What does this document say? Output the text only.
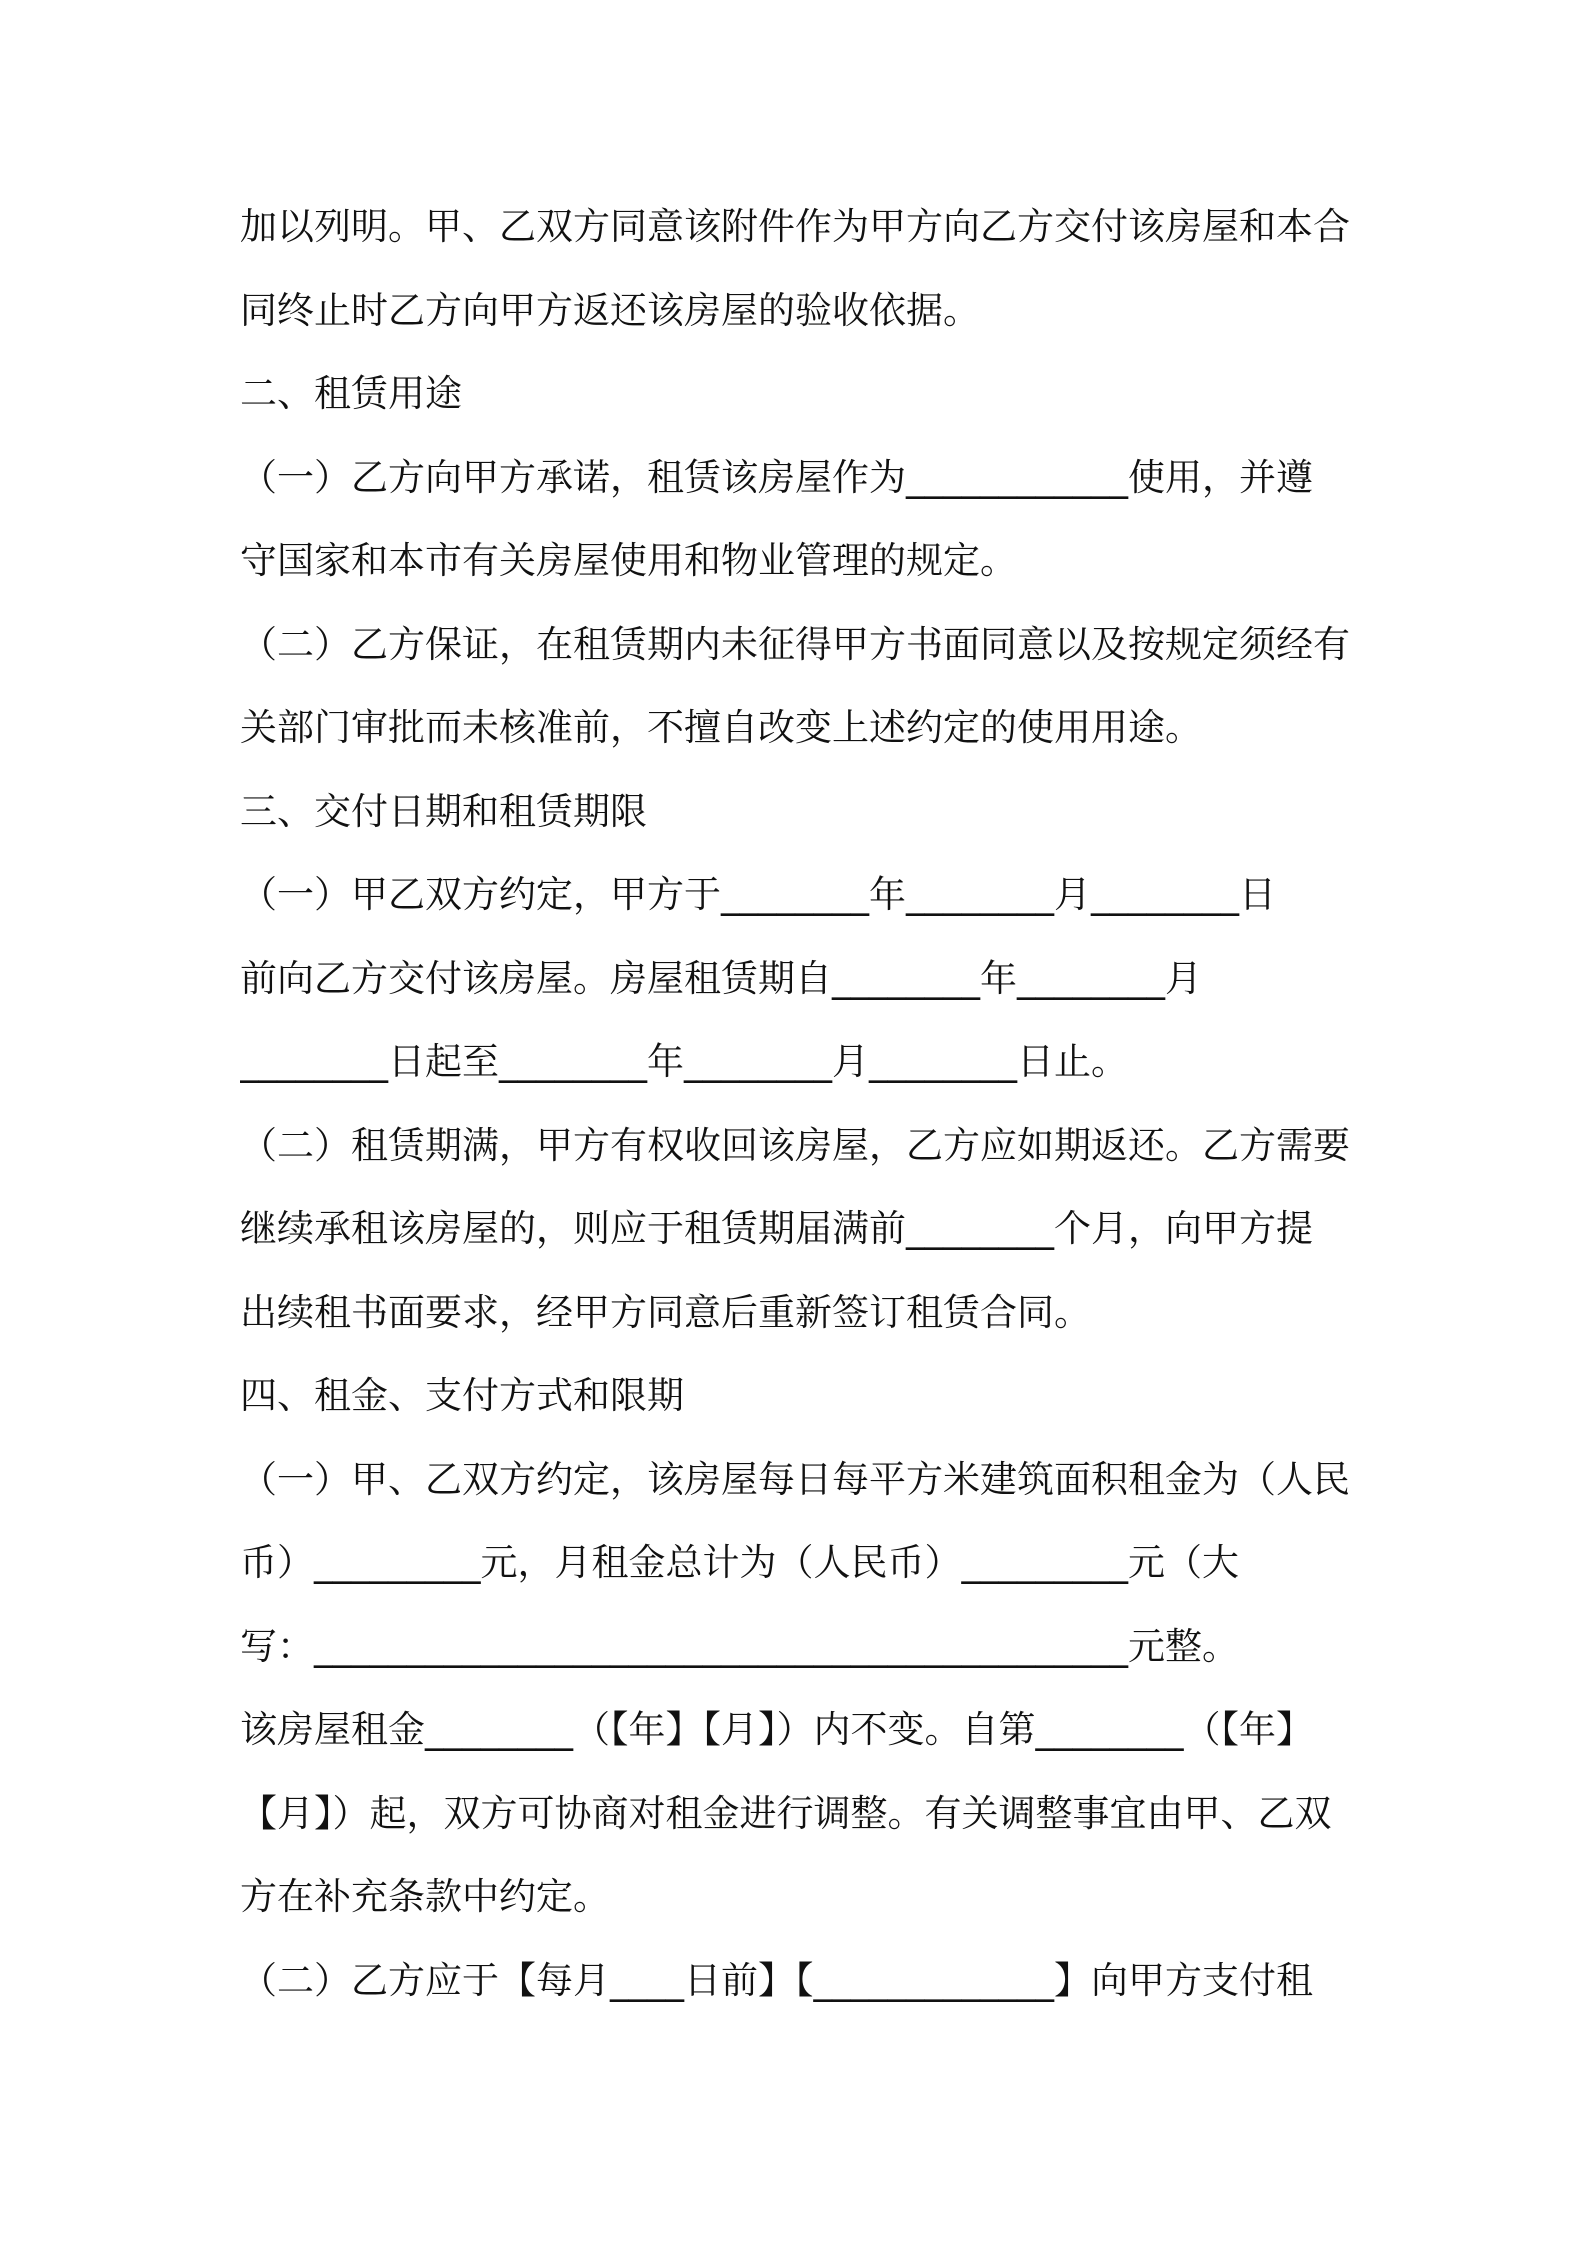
加以列明。甲、乙双方同意该附件作为甲方向乙方交付该房屋和本合
同终止时乙方向甲方返还该房屋的验收依据。
二、租赁用途
（一）乙方向甲方承诺，租赁该房屋作为____________使用，并遵
守国家和本市有关房屋使用和物业管理的规定。
（二）乙方保证，在租赁期内未征得甲方书面同意以及按规定须经有
关部门审批而未核准前，不擅自改变上述约定的使用用途。
三、交付日期和租赁期限
（一）甲乙双方约定，甲方于________年________月________日
前向乙方交付该房屋。房屋租赁期自________年________月
________日起至________年________月________日止。
（二）租赁期满，甲方有权收回该房屋，乙方应如期返还。乙方需要
继续承租该房屋的，则应于租赁期届满前________个月，向甲方提
出续租书面要求，经甲方同意后重新签订租赁合同。
四、租金、支付方式和限期
（一）甲、乙双方约定，该房屋每日每平方米建筑面积租金为（人民
币）_________元，月租金总计为（人民币）_________元（大
写：____________________________________________元整。
该房屋租金________（【年】【月】）内不变。自第________（【年】
【月】）起，双方可协商对租金进行调整。有关调整事宜由甲、乙双
方在补充条款中约定。
（二）乙方应于【每月____日前】【_____________】向甲方支付租
